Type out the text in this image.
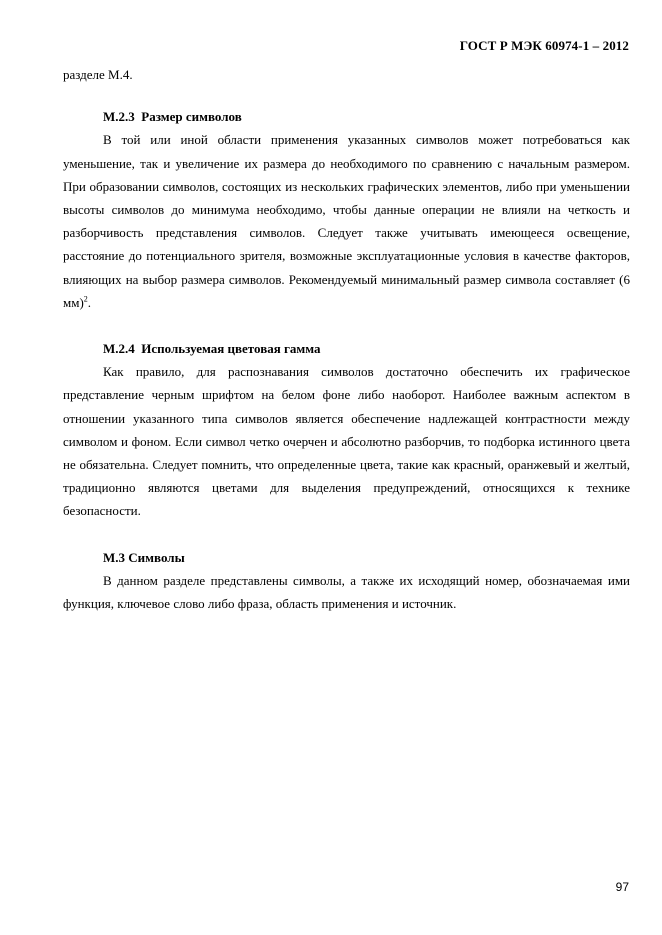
ГОСТ Р МЭК 60974-1 – 2012

разделе М.4.

М.2.3 Размер символов

В той или иной области применения указанных символов может потребоваться как уменьшение, так и увеличение их размера до необходимого по сравнению с начальным размером. При образовании символов, состоящих из нескольких графических элементов, либо при уменьшении высоты символов до минимума необходимо, чтобы данные операции не влияли на четкость и разборчивость представления символов. Следует также учитывать имеющееся освещение, расстояние до потенциального зрителя, возможные эксплуатационные условия в качестве факторов, влияющих на выбор размера символов. Рекомендуемый минимальный размер символа составляет (6 мм)$^2$.

М.2.4 Используемая цветовая гамма

Как правило, для распознавания символов достаточно обеспечить их графическое представление черным шрифтом на белом фоне либо наоборот. Наиболее важным аспектом в отношении указанного типа символов является обеспечение надлежащей контрастности между символом и фоном. Если символ четко очерчен и абсолютно разборчив, то подборка истинного цвета не обязательна. Следует помнить, что определенные цвета, такие как красный, оранжевый и желтый, традиционно являются цветами для выделения предупреждений, относящихся к технике безопасности.

М.3 Символы

В данном разделе представлены символы, а также их исходящий номер, обозначаемая ими функция, ключевое слово либо фраза, область применения и источник.

97
